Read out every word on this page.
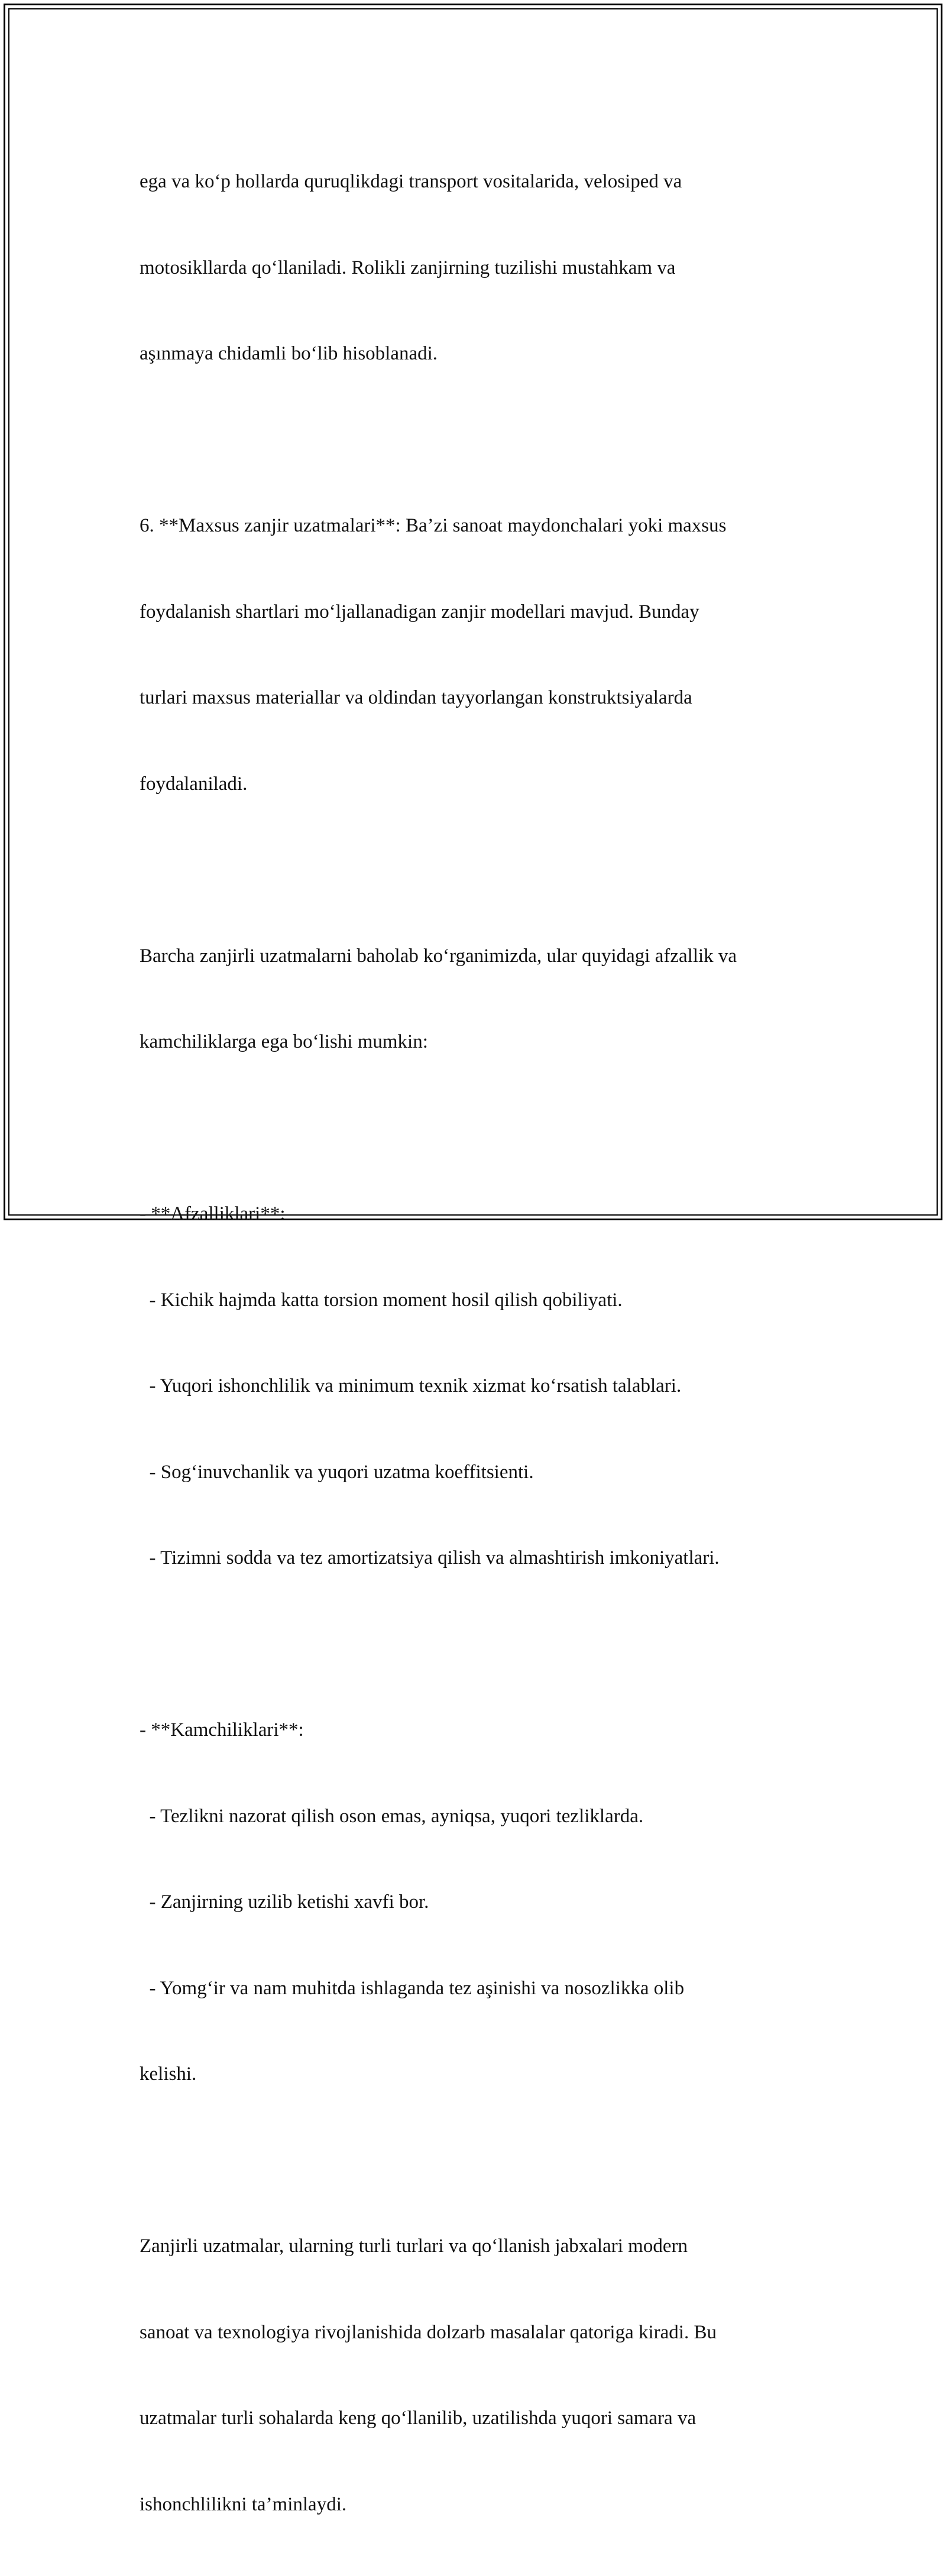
ega va ko‘p hollarda quruqlikdagi transport vositalarida, velosiped va

motosikllarda qo‘llaniladi. Rolikli zanjirning tuzilishi mustahkam va

aşınmaya chidamli bo‘lib hisoblanadi.

6. **Maxsus zanjir uzatmalari**: Ba’zi sanoat maydonchalari yoki maxsus

foydalanish shartlari mo‘ljallanadigan zanjir modellari mavjud. Bunday

turlari maxsus materiallar va oldindan tayyorlangan konstruktsiyalarda

foydalaniladi.

Barcha zanjirli uzatmalarni baholab ko‘rganimizda, ular quyidagi afzallik va

kamchiliklarga ega bo‘lishi mumkin:

- **Afzalliklari**:

- Kichik hajmda katta torsion moment hosil qilish qobiliyati.

- Yuqori ishonchlilik va minimum texnik xizmat ko‘rsatish talablari.

- Sog‘inuvchanlik va yuqori uzatma koeffitsienti.

- Tizimni sodda va tez amortizatsiya qilish va almashtirish imkoniyatlari.

- **Kamchiliklari**:

- Tezlikni nazorat qilish oson emas, ayniqsa, yuqori tezliklarda.

- Zanjirning uzilib ketishi xavfi bor.

- Yomg‘ir va nam muhitda ishlaganda tez aşinishi va nosozlikka olib

kelishi.

Zanjirli uzatmalar, ularning turli turlari va qo‘llanish jabxalari modern

sanoat va texnologiya rivojlanishida dolzarb masalalar qatoriga kiradi. Bu

uzatmalar turli sohalarda keng qo‘llanilib, uzatilishda yuqori samara va

ishonchlilikni ta’minlaydi.
